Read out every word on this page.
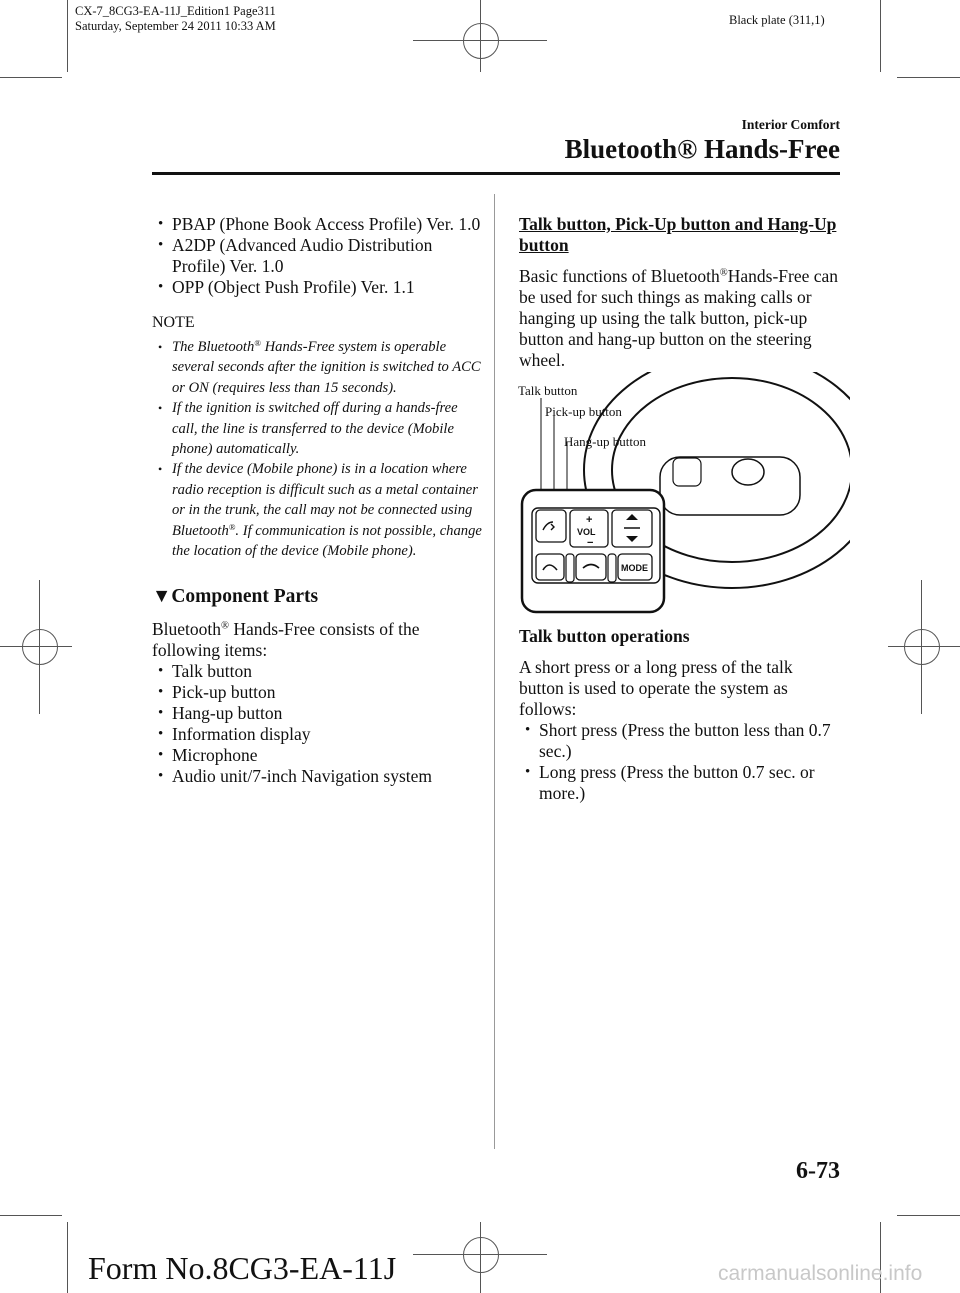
CX-7_8CG3-EA-11J_Edition1 Page311
Saturday, September 24 2011 10:33 AM	Black plate (311,1)
Interior Comfort
Bluetooth® Hands-Free

• PBAP (Phone Book Access Profile) Ver. 1.0

• A2DP (Advanced Audio Distribution Profile) Ver. 1.0

• OPP (Object Push Profile) Ver. 1.1

NOTE

• The Bluetooth® Hands-Free system is operable several seconds after the ignition is switched to ACC or ON (requires less than 15 seconds).

• If the ignition is switched off during a hands-free call, the line is transferred to the device (Mobile phone) automatically.

• If the device (Mobile phone) is in a location where radio reception is difficult such as a metal container or in the trunk, the call may not be connected using Bluetooth®. If communication is not possible, change the location of the device (Mobile phone).

▼Component Parts

Bluetooth® Hands-Free consists of the following items:

• Talk button

• Pick-up button

• Hang-up button

• Information display

• Microphone

• Audio unit/7-inch Navigation system

Talk button, Pick-Up button and Hang-Up button

Basic functions of Bluetooth®Hands-Free can be used for such things as making calls or hanging up using the talk button, pick-up button and hang-up button on the steering wheel.

Talk button
Pick-up button
Hang-up button
+
VOL
−
MODE

Talk button operations

A short press or a long press of the talk button is used to operate the system as follows:

• Short press (Press the button less than 0.7 sec.)

• Long press (Press the button 0.7 sec. or more.)

6-73
Form No.8CG3-EA-11J	carmanualsonline.info
